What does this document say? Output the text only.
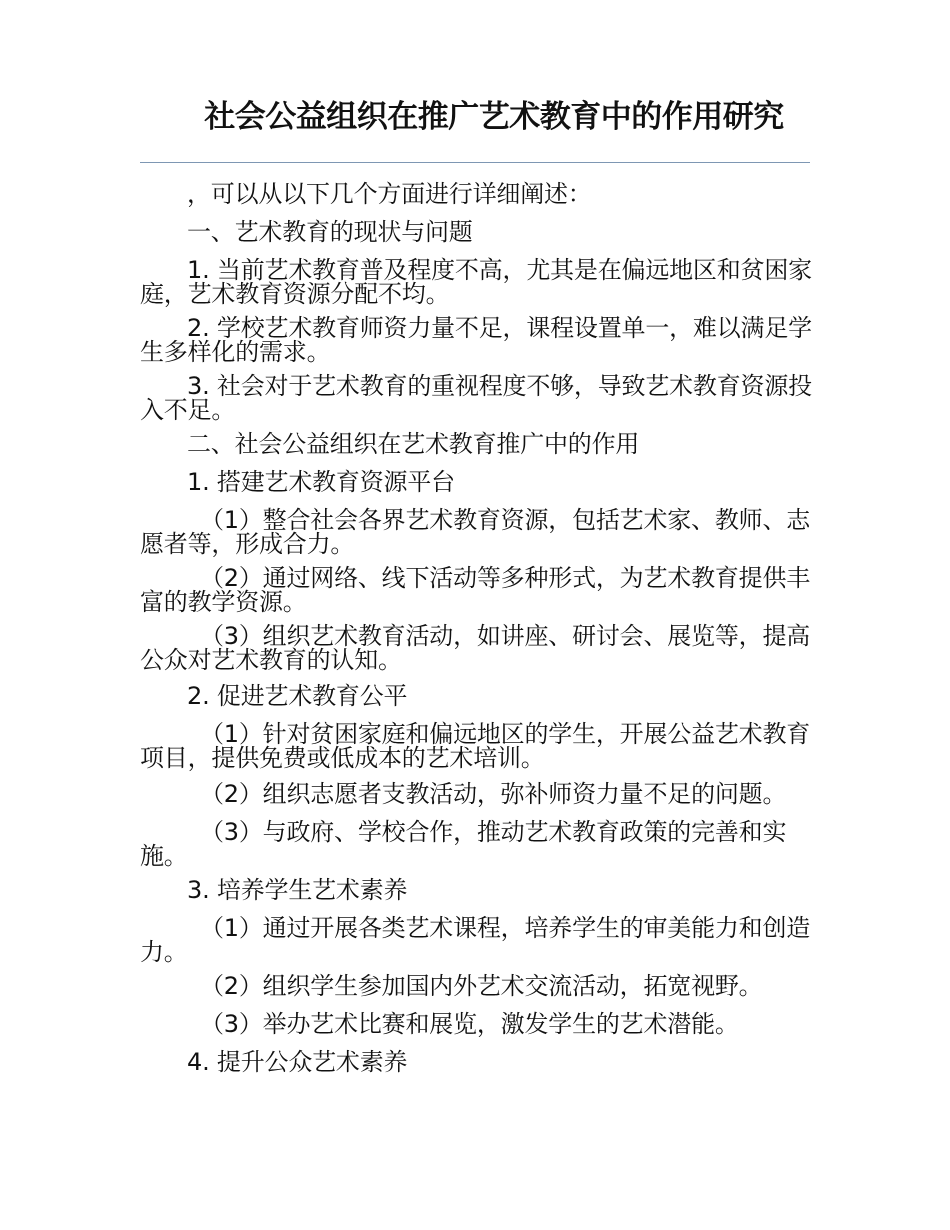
社会公益组织在推广艺术教育中的作用研究

，可以从以下几个方面进行详细阐述：

一、艺术教育的现状与问题

1. 当前艺术教育普及程度不高，尤其是在偏远地区和贫困家庭，艺术教育资源分配不均。

2. 学校艺术教育师资力量不足，课程设置单一，难以满足学生多样化的需求。

3. 社会对于艺术教育的重视程度不够，导致艺术教育资源投入不足。

二、社会公益组织在艺术教育推广中的作用

1. 搭建艺术教育资源平台

（1）整合社会各界艺术教育资源，包括艺术家、教师、志愿者等，形成合力。

（2）通过网络、线下活动等多种形式，为艺术教育提供丰富的教学资源。

（3）组织艺术教育活动，如讲座、研讨会、展览等，提高公众对艺术教育的认知。

2. 促进艺术教育公平

（1）针对贫困家庭和偏远地区的学生，开展公益艺术教育项目，提供免费或低成本的艺术培训。

（2）组织志愿者支教活动，弥补师资力量不足的问题。

（3）与政府、学校合作，推动艺术教育政策的完善和实施。

3. 培养学生艺术素养

（1）通过开展各类艺术课程，培养学生的审美能力和创造力。

（2）组织学生参加国内外艺术交流活动，拓宽视野。

（3）举办艺术比赛和展览，激发学生的艺术潜能。

4. 提升公众艺术素养
